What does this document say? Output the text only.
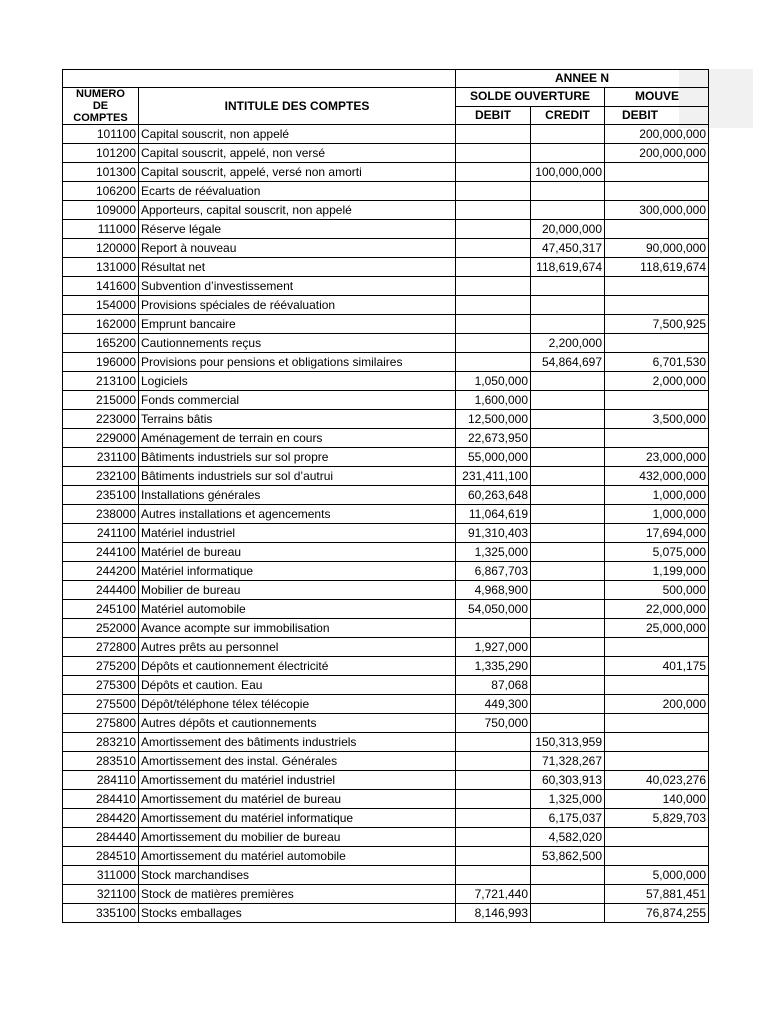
		ANNEE N		
NUMERO
DE
COMPTES	INTITULE DES COMPTES	SOLDE OUVERTURE		MOUVE
		DEBIT	CREDIT	DEBIT
101100	Capital souscrit, non appelé			200,000,000
101200	Capital souscrit, appelé, non versé			200,000,000
101300	Capital souscrit, appelé, versé non amorti		100,000,000	
106200	Ecarts de réévaluation			
109000	Apporteurs, capital souscrit, non appelé			300,000,000
111000	Réserve légale		20,000,000	
120000	Report à nouveau		47,450,317	90,000,000
131000	Résultat net		118,619,674	118,619,674
141600	Subvention d’investissement			
154000	Provisions spéciales de réévaluation			
162000	Emprunt bancaire			7,500,925
165200	Cautionnements reçus		2,200,000	
196000	Provisions pour pensions et obligations similaires		54,864,697	6,701,530
213100	Logiciels	1,050,000		2,000,000
215000	Fonds commercial	1,600,000		
223000	Terrains bâtis	12,500,000		3,500,000
229000	Aménagement de terrain en cours	22,673,950		
231100	Bâtiments industriels sur sol propre	55,000,000		23,000,000
232100	Bâtiments industriels sur sol d’autrui	231,411,100		432,000,000
235100	Installations générales	60,263,648		1,000,000
238000	Autres installations et agencements	11,064,619		1,000,000
241100	Matériel industriel	91,310,403		17,694,000
244100	Matériel de bureau	1,325,000		5,075,000
244200	Matériel informatique	6,867,703		1,199,000
244400	Mobilier de bureau	4,968,900		500,000
245100	Matériel automobile	54,050,000		22,000,000
252000	Avance acompte sur immobilisation			25,000,000
272800	Autres prêts au personnel	1,927,000		
275200	Dépôts et cautionnement électricité	1,335,290		401,175
275300	Dépôts et caution. Eau	87,068		
275500	Dépôt/téléphone télex télécopie	449,300		200,000
275800	Autres dépôts et cautionnements	750,000		
283210	Amortissement des bâtiments industriels		150,313,959	
283510	Amortissement des instal. Générales		71,328,267	
284110	Amortissement du matériel industriel		60,303,913	40,023,276
284410	Amortissement du matériel de bureau		1,325,000	140,000
284420	Amortissement du matériel informatique		6,175,037	5,829,703
284440	Amortissement du mobilier de bureau		4,582,020	
284510	Amortissement du matériel automobile		53,862,500	
311000	Stock marchandises			5,000,000
321100	Stock de matières premières	7,721,440		57,881,451
335100	Stocks emballages	8,146,993		76,874,255
